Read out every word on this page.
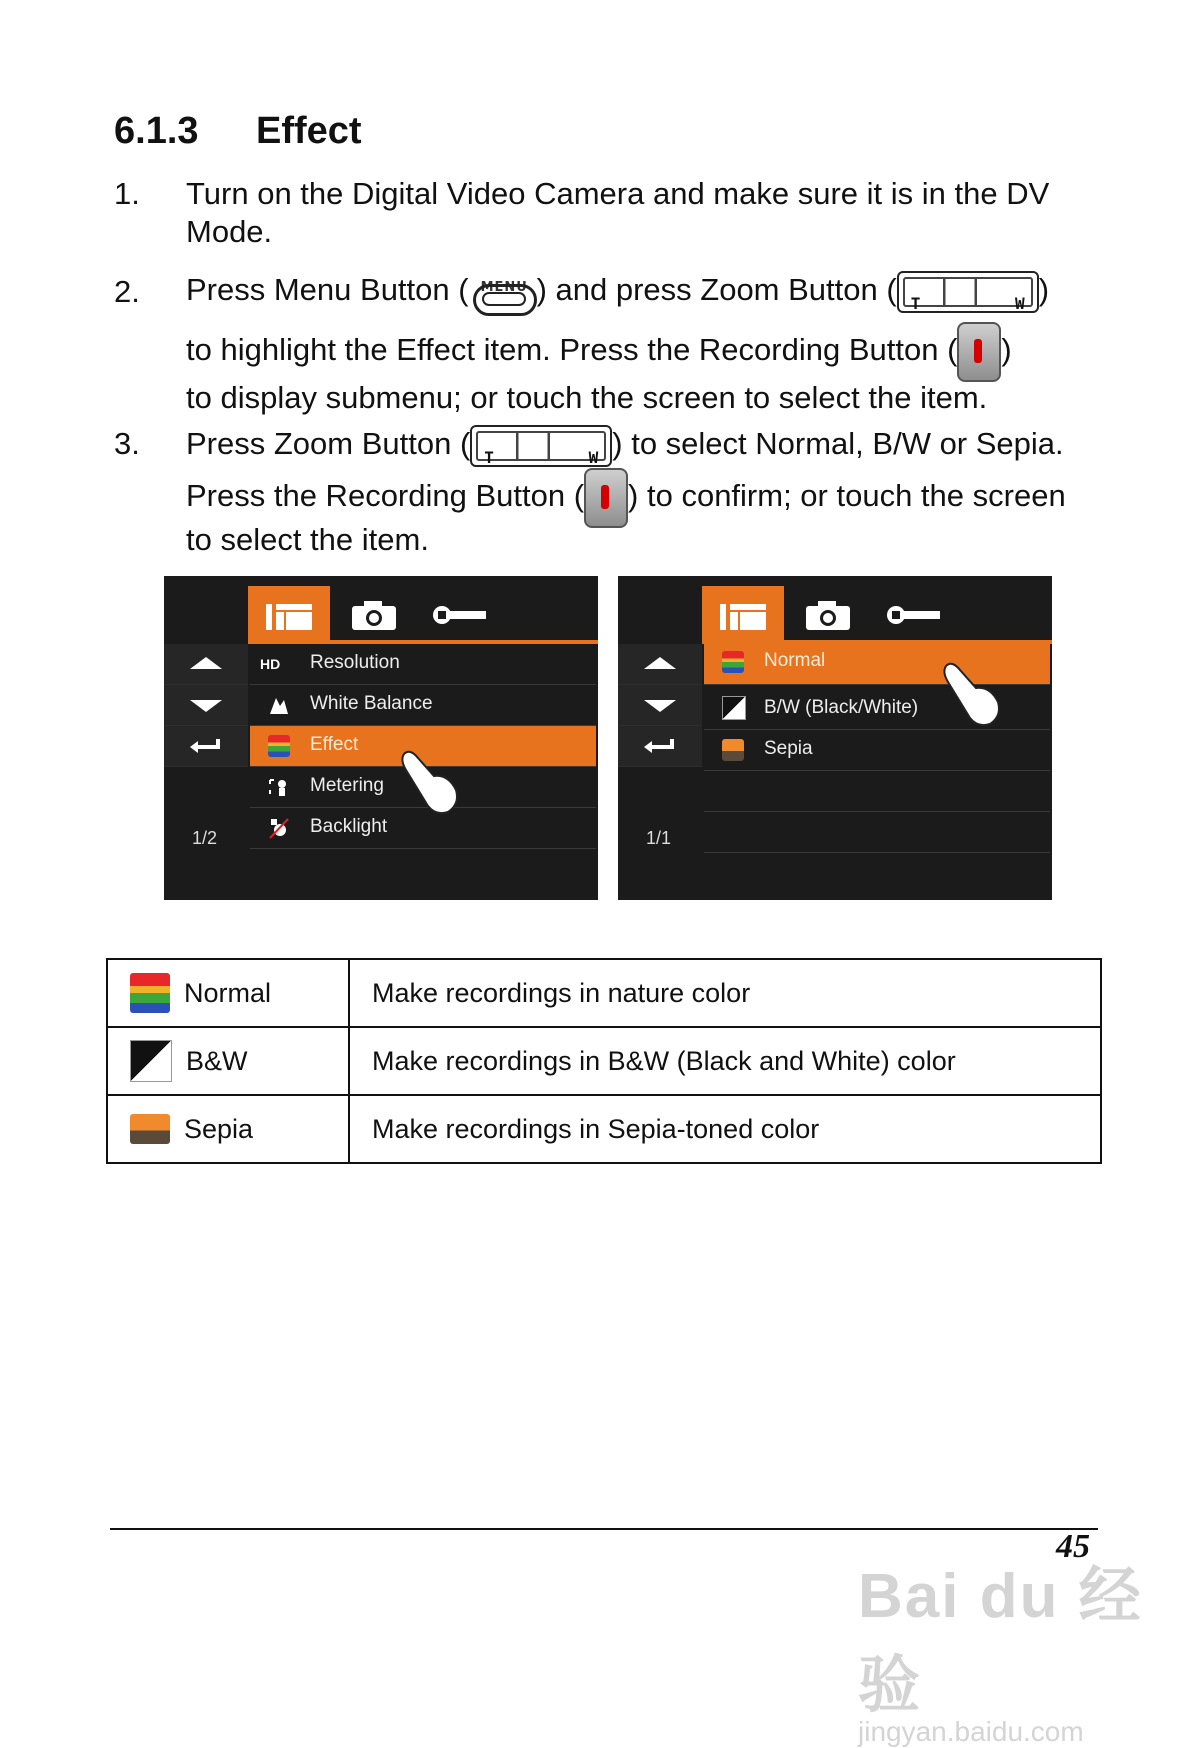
6.1.3 Effect
1. Turn on the Digital Video Camera and make sure it is in the DV
Mode.
2. Press Menu Button ( MENU ) and press Zoom Button ( T	W )
to highlight the Effect item. Press the Recording Button ( )
to display submenu; or touch the screen to select the item.
3. Press Zoom Button ( T	W ) to select Normal, B/W or Sepia.
Press the Recording Button ( ) to confirm; or touch the screen
to select the item.
1/2
HD	Resolution
White Balance
Effect
Metering
Backlight
1/1
Normal
B/W (Black/White)
Sepia
Normal	Make recordings in nature color

B&W	Make recordings in B&W (Black and White) color

Sepia	Make recordings in Sepia-toned color
45
Bai du 经验
jingyan.baidu.com
